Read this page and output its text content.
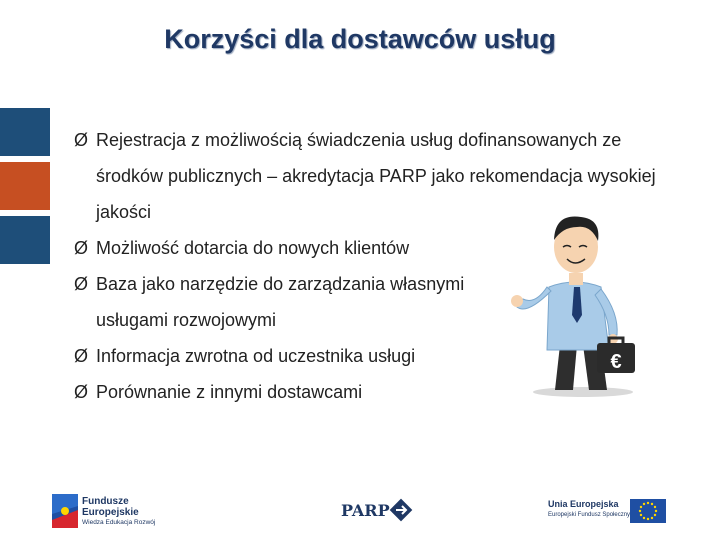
Korzyści dla dostawców usług
Ø Rejestracja z możliwością świadczenia usług dofinansowanych ze środków publicznych – akredytacja PARP jako rekomendacja wysokiej jakości
Ø Możliwość dotarcia do nowych klientów
Ø Baza jako narzędzie do zarządzania własnymi usługami rozwojowymi
Ø Informacja zwrotna od uczestnika usługi
Ø Porównanie z innymi dostawcami
€
Fundusze
Europejskie
Wiedza Edukacja Rozwój
PARP	Unia Europejska
Europejski Fundusz Społeczny
